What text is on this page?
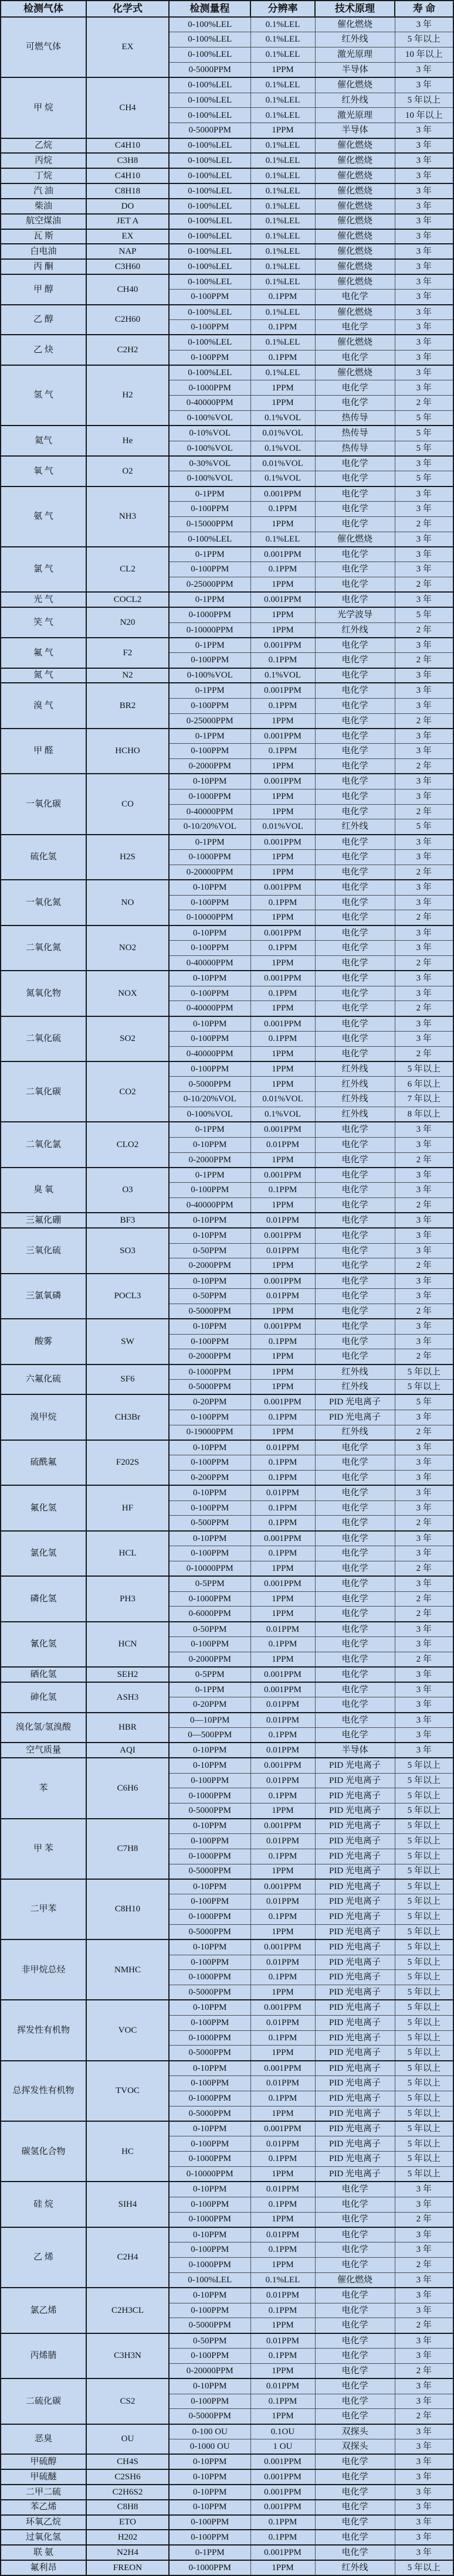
检测气体	化学式	检测量程	分辨率	技术原理	寿 命
可燃气体	EX	0-100%LEL	0.1%LEL	催化燃烧	3 年
		0-100%LEL	0.1%LEL	红外线	5 年以上
		0-100%LEL	0.1%LEL	激光原理	10 年以上
		0-5000PPM	1PPM	半导体	3 年
甲 烷	CH4	0-100%LEL	0.1%LEL	催化燃烧	3 年
		0-100%LEL	0.1%LEL	红外线	5 年以上
		0-100%LEL	0.1%LEL	激光原理	10 年以上
		0-5000PPM	1PPM	半导体	3 年
乙烷	C4H10	0-100%LEL	0.1%LEL	催化燃烧	3 年
丙烷	C3H8	0-100%LEL	0.1%LEL	催化燃烧	3 年
丁烷	C4H10	0-100%LEL	0.1%LEL	催化燃烧	3 年
汽 油	C8H18	0-100%LEL	0.1%LEL	催化燃烧	3 年
柴油	DO	0-100%LEL	0.1%LEL	催化燃烧	3 年
航空煤油	JET A	0-100%LEL	0.1%LEL	催化燃烧	3 年
瓦 斯	EX	0-100%LEL	0.1%LEL	催化燃烧	3 年
白电油	NAP	0-100%LEL	0.1%LEL	催化燃烧	3 年
丙 酮	C3H60	0-100%LEL	0.1%LEL	催化燃烧	3 年
甲 醇	CH40	0-100%LEL	0.1%LEL	催化燃烧	3 年
		0-100PPM	0.1PPM	电化学	3 年
乙 醇	C2H60	0-100%LEL	0.1%LEL	催化燃烧	3 年
		0-100PPM	0.1PPM	电化学	3 年
乙 炔	C2H2	0-100%LEL	0.1%LEL	催化燃烧	3 年
		0-100PPM	0.1PPM	电化学	3 年
氢 气	H2	0-100%LEL	0.1%LEL	催化燃烧	3 年
		0-1000PPM	1PPM	电化学	3 年
		0-40000PPM	1PPM	电化学	2 年
		0-100%VOL	0.1%VOL	热传导	5 年
氦气	He	0-10%VOL	0.01%VOL	热传导	5 年
		0-100%VOL	0.1%VOL	热传导	5 年
氧 气	O2	0-30%VOL	0.01%VOL	电化学	3 年
		0-100%VOL	0.1%VOL	电化学	5 年
氨 气	NH3	0-1PPM	0.001PPM	电化学	3 年
		0-100PPM	0.1PPM	电化学	3 年
		0-15000PPM	1PPM	电化学	2 年
		0-100%LEL	0.1%LEL	催化燃烧	3 年
氯 气	CL2	0-1PPM	0.001PPM	电化学	3 年
		0-100PPM	0.1PPM	电化学	3 年
		0-25000PPM	1PPM	电化学	2 年
光 气	COCL2	0-1PPM	0.001PPM	电化学	3 年
笑 气	N20	0-1000PPM	1PPM	光学波导	5 年
		0-10000PPM	1PPM	红外线	2 年
氟 气	F2	0-1PPM	0.001PPM	电化学	3 年
		0-100PPM	0.1PPM	电化学	2 年
氮 气	N2	0-100%VOL	0.1%VOL	电化学	3 年
溴 气	BR2	0-1PPM	0.001PPM	电化学	3 年
		0-100PPM	0.1PPM	电化学	3 年
		0-25000PPM	1PPM	电化学	2 年
甲 醛	HCHO	0-1PPM	0.001PPM	电化学	3 年
		0-100PPM	0.1PPM	电化学	3 年
		0-2000PPM	1PPM	电化学	2 年
一氧化碳	CO	0-10PPM	0.001PPM	电化学	3 年
		0-1000PPM	1PPM	电化学	3 年
		0-40000PPM	1PPM	电化学	2 年
		0-10/20%VOL	0.01%VOL	红外线	5 年
硫化氢	H2S	0-1PPM	0.001PPM	电化学	3 年
		0-1000PPM	1PPM	电化学	3 年
		0-20000PPM	1PPM	电化学	2 年
一氧化氮	NO	0-10PPM	0.001PPM	电化学	3 年
		0-100PPM	0.1PPM	电化学	3 年
		0-10000PPM	1PPM	电化学	2 年
二氧化氮	NO2	0-10PPM	0.001PPM	电化学	3 年
		0-100PPM	0.1PPM	电化学	3 年
		0-40000PPM	1PPM	电化学	2 年
氮氧化物	NOX	0-10PPM	0.001PPM	电化学	3 年
		0-100PPM	0.1PPM	电化学	3 年
		0-40000PPM	1PPM	电化学	2 年
二氧化硫	SO2	0-10PPM	0.001PPM	电化学	3 年
		0-100PPM	0.1PPM	电化学	3 年
		0-40000PPM	1PPM	电化学	2 年
二氧化碳	CO2	0-100PPM	1PPM	红外线	5 年以上
		0-5000PPM	1PPM	红外线	6 年以上
		0-10/20%VOL	0.01%VOL	红外线	7 年以上
		0-100%VOL	0.1%VOL	红外线	8 年以上
二氧化氯	CLO2	0-1PPM	0.001PPM	电化学	3 年
		0-10PPM	0.01PPM	电化学	3 年
		0-2000PPM	1PPM	电化学	2 年
臭 氧	O3	0-1PPM	0.001PPM	电化学	3 年
		0-100PPM	0.1PPM	电化学	3 年
		0-40000PPM	1PPM	电化学	2 年
三氟化硼	BF3	0-10PPM	0.01PPM	电化学	3 年
三氧化硫	SO3	0-10PPM	0.001PPM	电化学	3 年
		0-50PPM	0.01PPM	电化学	3 年
		0-2000PPM	1PPM	电化学	2 年
三氯氧磷	POCL3	0-10PPM	0.001PPM	电化学	3 年
		0-50PPM	0.01PPM	电化学	3 年
		0-5000PPM	1PPM	电化学	2 年
酸雾	SW	0-10PPM	0.001PPM	电化学	3 年
		0-100PPM	0.1PPM	电化学	3 年
		0-2000PPM	1PPM	电化学	2 年
六氟化硫	SF6	0-1000PPM	1PPM	红外线	5 年以上
		0-5000PPM	1PPM	红外线	5 年以上
溴甲烷	CH3Br	0-20PPM	0.001PPM	PID 光电离子	5 年
		0-100PPM	0.1PPM	PID 光电离子	3 年
		0-19000PPM	1PPM	红外线	2 年
硫酰氟	F202S	0-10PPM	0.01PPM	电化学	3 年
		0-100PPM	0.1PPM	电化学	3 年
		0-200PPM	0.1PPM	电化学	3 年
氟化氢	HF	0-10PPM	0.01PPM	电化学	3 年
		0-100PPM	0.1PPM	电化学	3 年
		0-500PPM	0.1PPM	电化学	2 年
氯化氢	HCL	0-10PPM	0.001PPM	电化学	3 年
		0-100PPM	0.1PPM	电化学	3 年
		0-10000PPM	1PPM	电化学	2 年
磷化氢	PH3	0-5PPM	0.001PPM	电化学	3 年
		0-1000PPM	1PPM	电化学	2 年
		0-6000PPM	1PPM	电化学	2 年
氰化氢	HCN	0-50PPM	0.01PPM	电化学	3 年
		0-100PPM	0.1PPM	电化学	3 年
		0-2000PPM	1PPM	电化学	2 年
硒化氢	SEH2	0-5PPM	0.001PPM	电化学	3 年
砷化氢	ASH3	0-1PPM	0.001PPM	电化学	3 年
		0-20PPM	0.01PPM	电化学	3 年
溴化氢/氢溴酸	HBR	0—10PPM	0.01PPM	电化学	3 年
		0—500PPM	0.1PPM	电化学	3 年
空气质量	AQI	0-10PPM	0.01PPM	半导体	3 年
苯	C6H6	0-10PPM	0.001PPM	PID 光电离子	5 年以上
		0-100PPM	0.01PPM	PID 光电离子	5 年以上
		0-1000PPM	0.1PPM	PID 光电离子	5 年以上
		0-5000PPM	1PPM	PID 光电离子	5 年以上
甲 苯	C7H8	0-10PPM	0.001PPM	PID 光电离子	5 年以上
		0-100PPM	0.01PPM	PID 光电离子	5 年以上
		0-1000PPM	0.1PPM	PID 光电离子	5 年以上
		0-5000PPM	1PPM	PID 光电离子	5 年以上
二甲苯	C8H10	0-10PPM	0.001PPM	PID 光电离子	5 年以上
		0-100PPM	0.01PPM	PID 光电离子	5 年以上
		0-1000PPM	0.1PPM	PID 光电离子	5 年以上
		0-5000PPM	1PPM	PID 光电离子	5 年以上
非甲烷总烃	NMHC	0-10PPM	0.001PPM	PID 光电离子	5 年以上
		0-100PPM	0.01PPM	PID 光电离子	5 年以上
		0-1000PPM	0.1PPM	PID 光电离子	5 年以上
		0-5000PPM	1PPM	PID 光电离子	5 年以上
挥发性有机物	VOC	0-10PPM	0.001PPM	PID 光电离子	5 年以上
		0-100PPM	0.01PPM	PID 光电离子	5 年以上
		0-1000PPM	0.1PPM	PID 光电离子	5 年以上
		0-5000PPM	1PPM	PID 光电离子	5 年以上
总挥发性有机物	TVOC	0-10PPM	0.001PPM	PID 光电离子	5 年以上
		0-100PPM	0.01PPM	PID 光电离子	5 年以上
		0-1000PPM	0.1PPM	PID 光电离子	5 年以上
		0-5000PPM	1PPM	PID 光电离子	5 年以上
碳氢化合物	HC	0-10PPM	0.001PPM	PID 光电离子	5 年以上
		0-100PPM	0.01PPM	PID 光电离子	5 年以上
		0-1000PPM	0.1PPM	PID 光电离子	5 年以上
		0-10000PPM	1PPM	PID 光电离子	5 年以上
硅 烷	SIH4	0-10PPM	0.01PPM	电化学	3 年
		0-100PPM	0.1PPM	电化学	3 年
		0-1000PPM	1PPM	电化学	2 年
乙 烯	C2H4	0-10PPM	0.01PPM	电化学	3 年
		0-100PPM	0.1PPM	电化学	3 年
		0-1000PPM	1PPM	电化学	2 年
		0-100%LEL	0.1%LEL	催化燃烧	3 年
氯乙烯	C2H3CL	0-10PPM	0.01PPM	电化学	3 年
		0-100PPM	0.1PPM	电化学	3 年
		0-5000PPM	1PPM	电化学	2 年
丙烯腈	C3H3N	0-50PPM	0.01PPM	电化学	3 年
		0-100PPM	0.1PPM	电化学	3 年
		0-20000PPM	1PPM	电化学	2 年
二硫化碳	CS2	0-10PPM	0.01PPM	电化学	3 年
		0-100PPM	0.1PPM	电化学	3 年
		0-5000PPM	1PPM	电化学	2 年
恶臭	OU	0-100 OU	0.1OU	双探头	3 年
		0-1000 OU	1 OU	双探头	3 年
甲硫醇	CH4S	0-10PPM	0.001PPM	电化学	3 年
甲硫醚	C2SH6	0-10PPM	0.001PPM	电化学	3 年
二甲二硫	C2H6S2	0-10PPM	0.001PPM	电化学	3 年
苯乙烯	C8H8	0-10PPM	0.001PPM	电化学	3 年
环氧乙烷	ETO	0-100PPM	0.1PPM	电化学	3 年
过氧化氢	H202	0-100PPM	0.1PPM	电化学	3 年
联 氨	N2H4	0-1PPM	0.001PPM	电化学	3 年
氟利昂	FREON	0-1000PPM	1PPM	红外线	5 年以上
